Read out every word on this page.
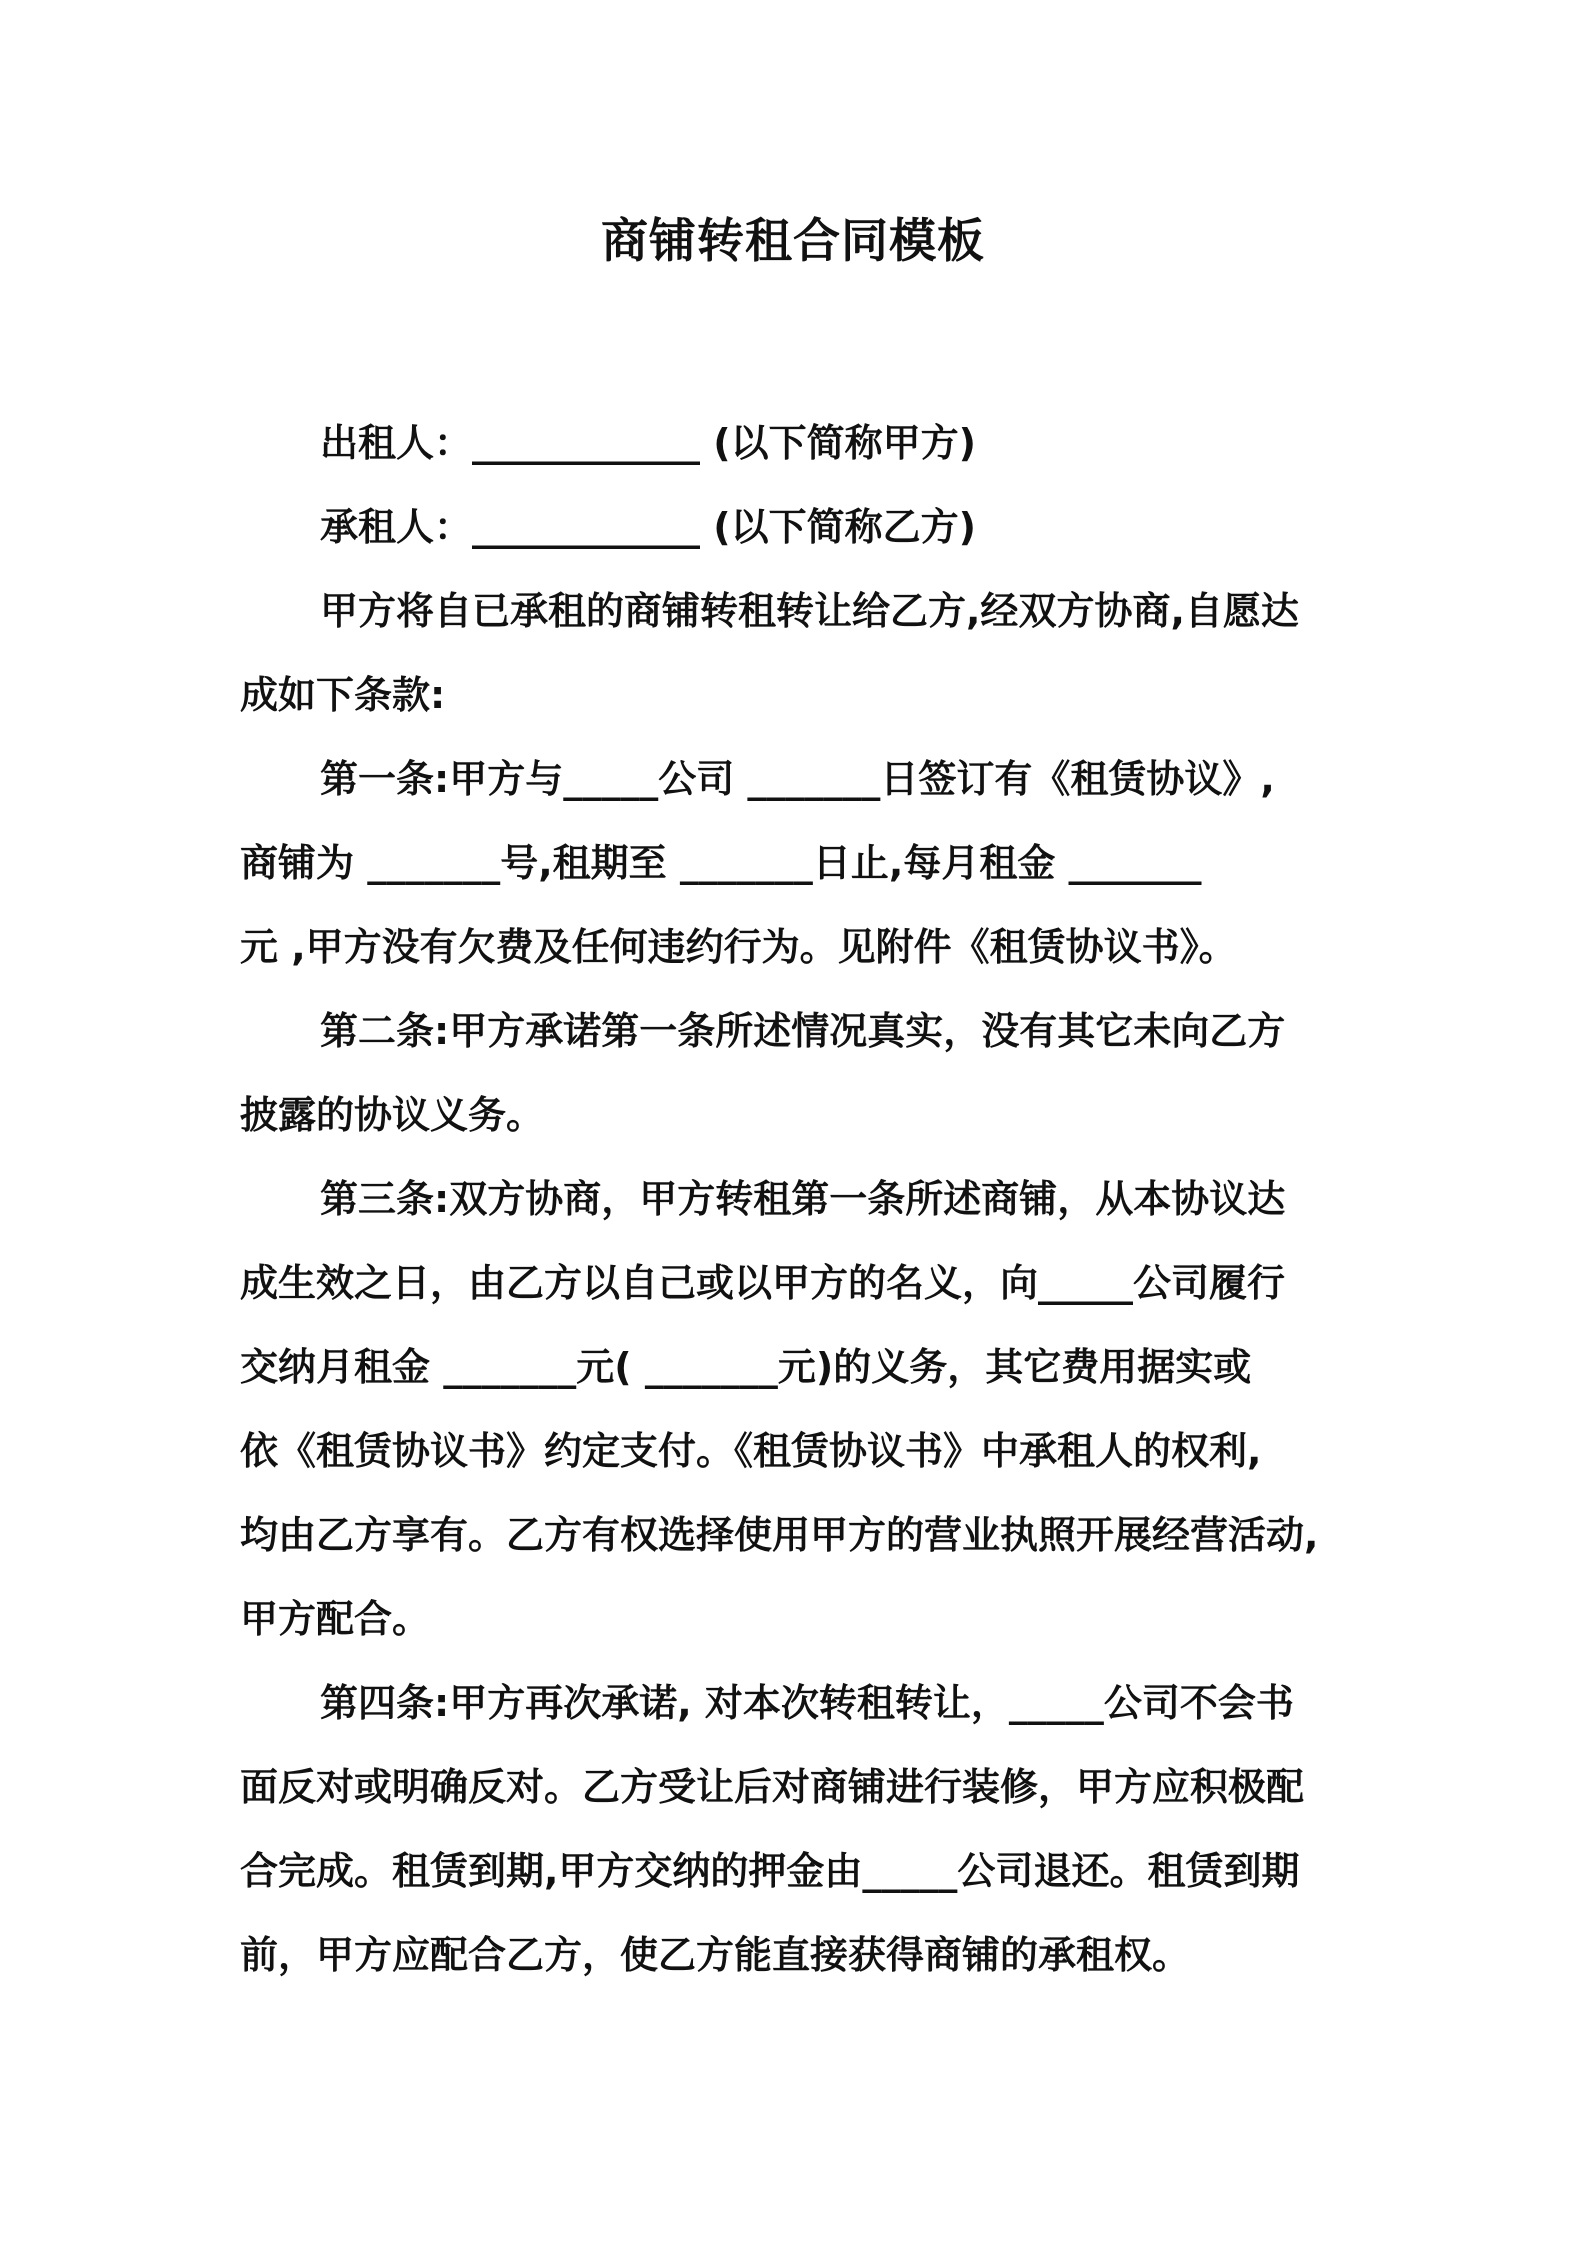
商铺转租合同模板
出租人：____________ (以下简称甲方)
承租人：____________ (以下简称乙方)
甲方将自已承租的商铺转租转让给乙方,经双方协商,自愿达
成如下条款:
第一条:甲方与_____公司 _______日签订有《租赁协议》,
商铺为 _______号,租期至 _______日止,每月租金 _______
元 ,甲方没有欠费及任何违约行为。见附件《租赁协议书》。
第二条:甲方承诺第一条所述情况真实，没有其它未向乙方
披露的协议义务。
第三条:双方协商，甲方转租第一条所述商铺，从本协议达
成生效之日，由乙方以自己或以甲方的名义，向_____公司履行
交纳月租金 _______元( _______元)的义务，其它费用据实或
依《租赁协议书》约定支付。《租赁协议书》中承租人的权利,
均由乙方享有。乙方有权选择使用甲方的营业执照开展经营活动,
甲方配合。
第四条:甲方再次承诺, 对本次转租转让，_____公司不会书
面反对或明确反对。乙方受让后对商铺进行装修，甲方应积极配
合完成。租赁到期,甲方交纳的押金由_____公司退还。租赁到期
前，甲方应配合乙方，使乙方能直接获得商铺的承租权。
